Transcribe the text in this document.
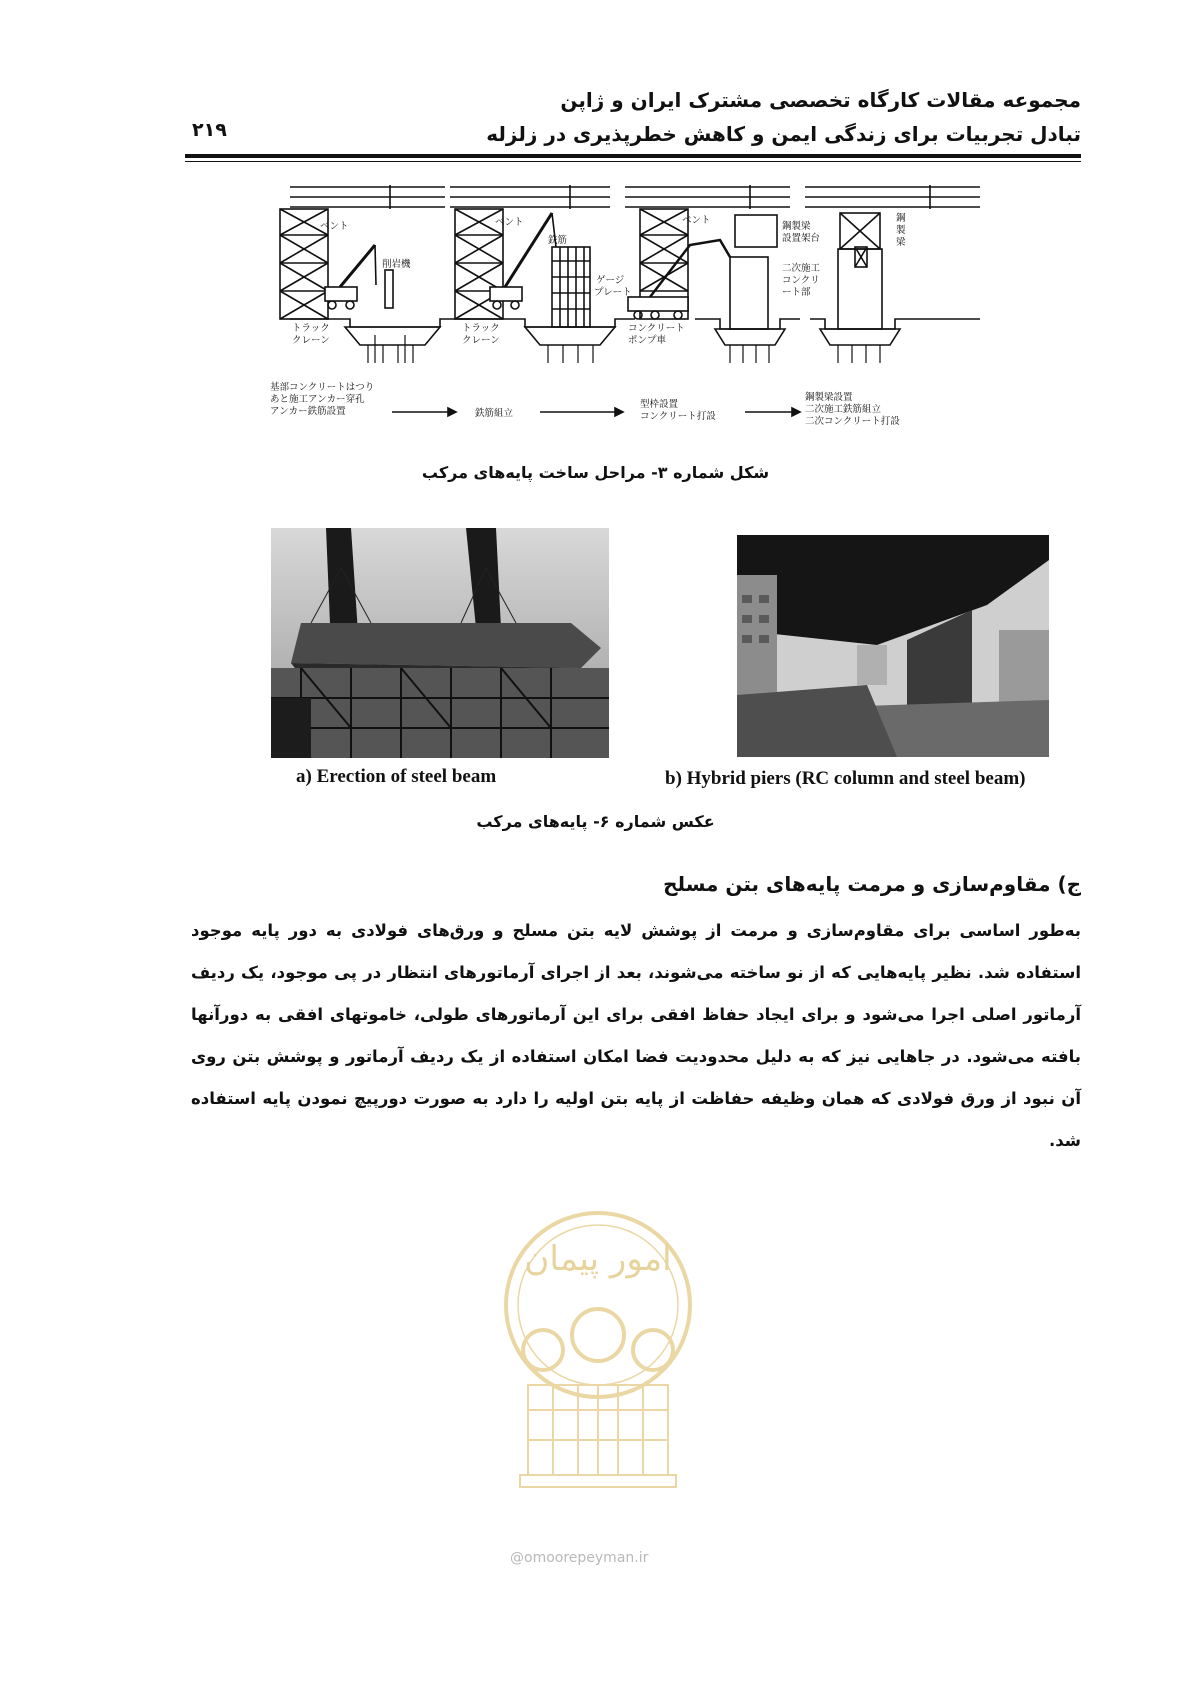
مجموعه مقالات کارگاه تخصصی مشترک ایران و ژاپن
تبادل تجربیات برای زندگی ایمن و کاهش خطرپذیری در زلزله
۲۱۹
ベント
削岩機
トラック
クレーン
ベント
鉄筋
ゲージ
プレート
トラック
クレーン
ベント
鋼製梁
設置架台
二次施工
コンクリ
ート部
コンクリート
ポンプ車
鋼
製
梁
基部コンクリートはつり
あと施工アンカー穿孔
アンカー鉄筋設置	鉄筋組立
型枠設置
コンクリート打設
鋼製梁設置
二次施工鉄筋組立
二次コンクリート打設
شکل شماره ۳- مراحل ساخت پایه‌های مرکب
a) Erection of steel beam	b) Hybrid piers (RC column and steel beam)
عکس شماره ۶- پایه‌های مرکب
ج) مقاوم‌سازی و مرمت پایه‌های بتن مسلح
به‌طور اساسی برای مقاوم‌سازی و مرمت از پوشش لایه بتن مسلح و ورق‌های فولادی به دور پایه موجود استفاده شد. نظیر پایه‌هایی که از نو ساخته می‌شوند، بعد از اجرای آرماتورهای انتظار در پی موجود، یک ردیف آرماتور اصلی اجرا می‌شود و برای ایجاد حفاظ افقی برای این آرماتورهای طولی، خاموتهای افقی به دورآنها بافته می‌شود. در جاهایی نیز که به دلیل محدودیت فضا امکان استفاده از یک ردیف آرماتور و پوشش بتن روی آن نبود از ورق فولادی که همان وظیفه حفاظت از پایه بتن اولیه را دارد به صورت دورپیچ نمودن پایه استفاده شد.
امور پیمان
@omoorepeyman.ir
